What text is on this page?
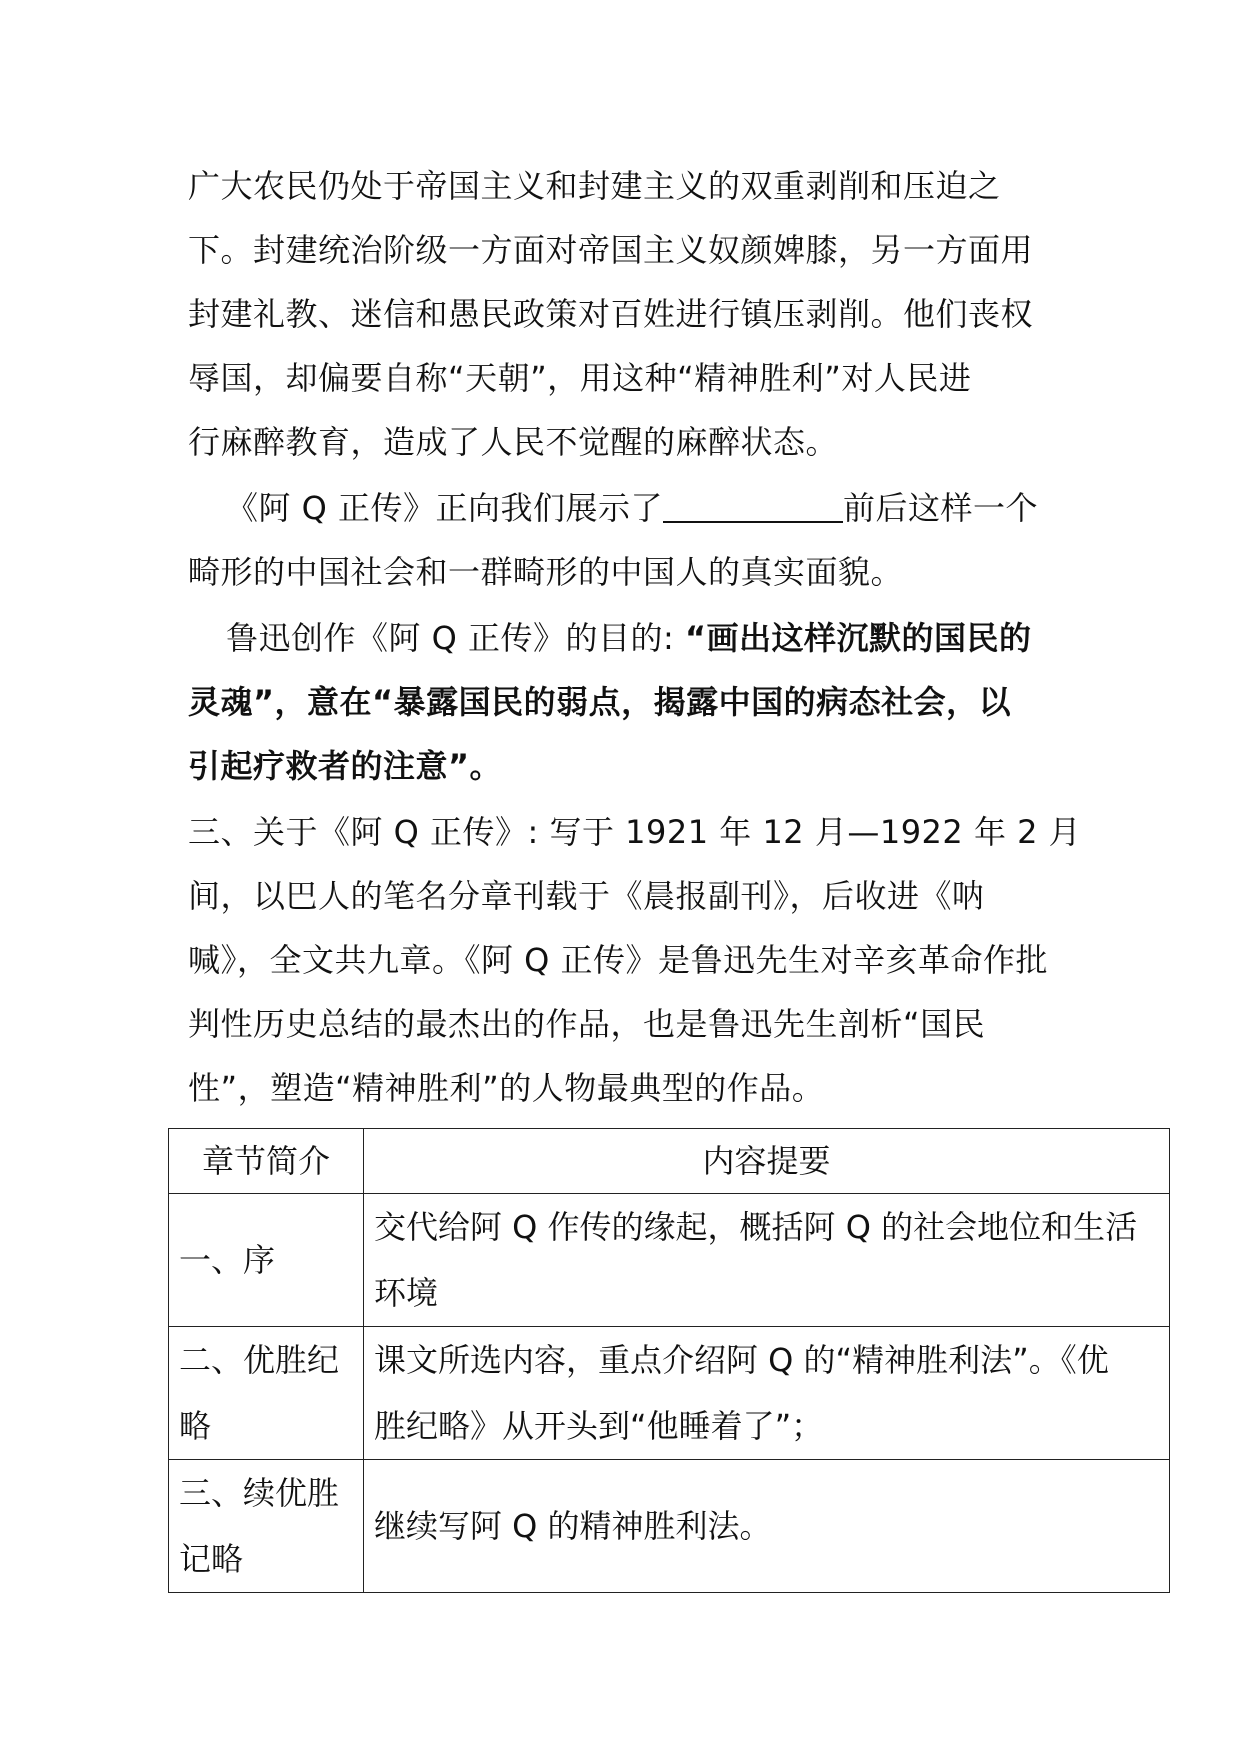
广大农民仍处于帝国主义和封建主义的双重剥削和压迫之
下。封建统治阶级一方面对帝国主义奴颜婢膝，另一方面用
封建礼教、迷信和愚民政策对百姓进行镇压剥削。他们丧权
辱国，却偏要自称“天朝”，用这种“精神胜利”对人民进
行麻醉教育，造成了人民不觉醒的麻醉状态。
《阿 Q 正传》正向我们展示了	前后这样一个
畸形的中国社会和一群畸形的中国人的真实面貌。
鲁迅创作《阿 Q 正传》的目的: “画出这样沉默的国民的
灵魂”，意在“暴露国民的弱点，揭露中国的病态社会，以
引起疗救者的注意”。
三、关于《阿 Q 正传》: 写于 1921 年 12 月—1922 年 2 月
间，以巴人的笔名分章刊载于《晨报副刊》，后收进《呐
喊》，全文共九章。《阿 Q 正传》是鲁迅先生对辛亥革命作批
判性历史总结的最杰出的作品，也是鲁迅先生剖析“国民
性”，塑造“精神胜利”的人物最典型的作品。
章节简介	内容提要

一、序	交代给阿 Q 作传的缘起，概括阿 Q 的社会地位和生活
环境

二、优胜纪
略	课文所选内容，重点介绍阿 Q 的“精神胜利法”。《优
胜纪略》从开头到“他睡着了”；

三、续优胜
记略	继续写阿 Q 的精神胜利法。
